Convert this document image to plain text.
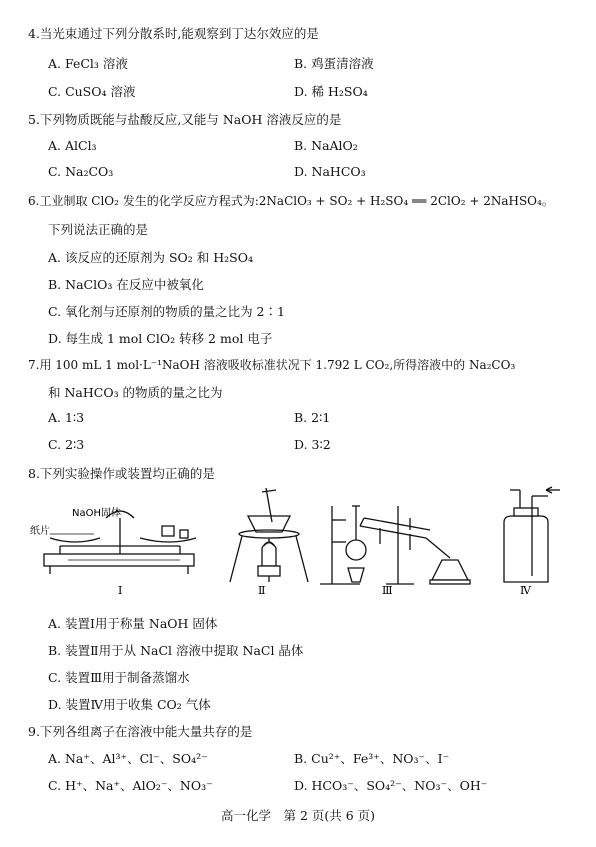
4.当光束通过下列分散系时,能观察到丁达尔效应的是
A. FeCl₃ 溶液	B. 鸡蛋清溶液
C. CuSO₄ 溶液	D. 稀 H₂SO₄
5.下列物质既能与盐酸反应,又能与 NaOH 溶液反应的是
A. AlCl₃	B. NaAlO₂
C. Na₂CO₃	D. NaHCO₃
6.工业制取 ClO₂ 发生的化学反应方程式为:2NaClO₃ + SO₂ + H₂SO₄ ══ 2ClO₂ + 2NaHSO₄。
下列说法正确的是
A. 该反应的还原剂为 SO₂ 和 H₂SO₄
B. NaClO₃ 在反应中被氧化
C. 氧化剂与还原剂的物质的量之比为 2∶1
D. 每生成 1 mol ClO₂ 转移 2 mol 电子
7.用 100 mL 1 mol·L⁻¹NaOH 溶液吸收标准状况下 1.792 L CO₂,所得溶液中的 Na₂CO₃
和 NaHCO₃ 的物质的量之比为
A. 1∶3	B. 2∶1
C. 2∶3	D. 3∶2
8.下列实验操作或装置均正确的是
NaOH固体
纸片
Ⅰ	Ⅱ	Ⅲ	Ⅳ
A. 装置Ⅰ用于称量 NaOH 固体
B. 装置Ⅱ用于从 NaCl 溶液中提取 NaCl 晶体
C. 装置Ⅲ用于制备蒸馏水
D. 装置Ⅳ用于收集 CO₂ 气体
9.下列各组离子在溶液中能大量共存的是
A. Na⁺、Al³⁺、Cl⁻、SO₄²⁻	B. Cu²⁺、Fe³⁺、NO₃⁻、I⁻
C. H⁺、Na⁺、AlO₂⁻、NO₃⁻	D. HCO₃⁻、SO₄²⁻、NO₃⁻、OH⁻
高一化学　第 2 页(共 6 页)
